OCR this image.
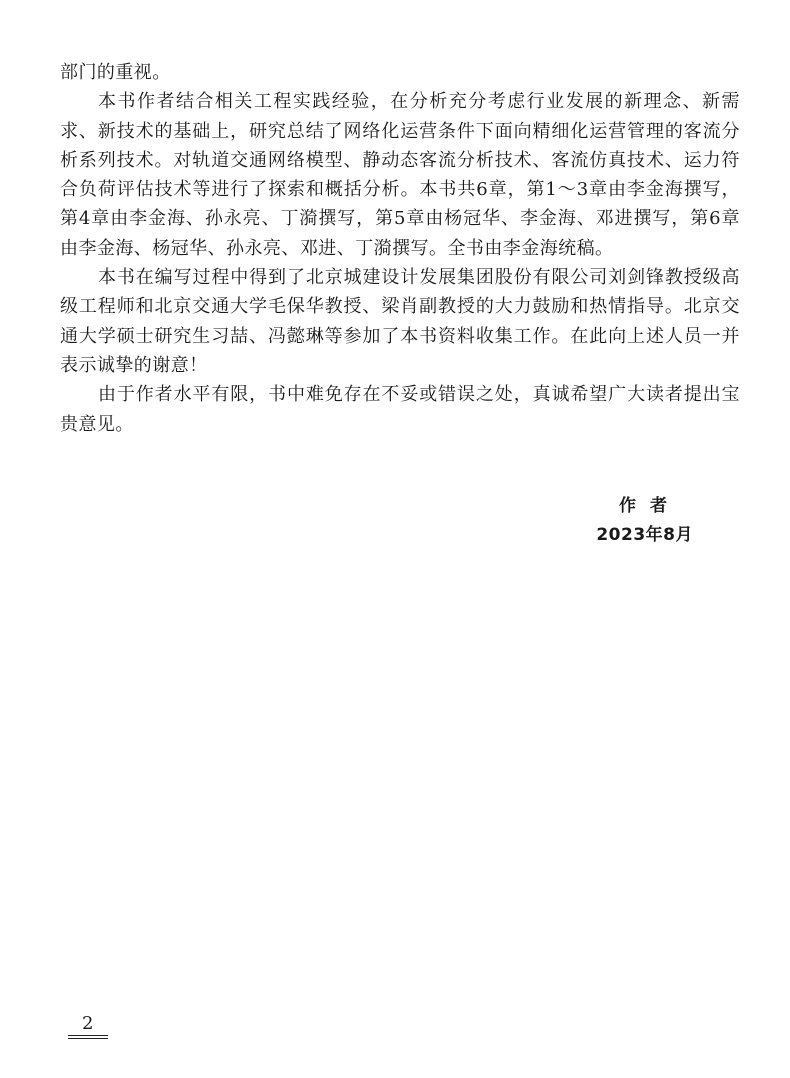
部门的重视。

本书作者结合相关工程实践经验，在分析充分考虑行业发展的新理念、新需求、新技术的基础上，研究总结了网络化运营条件下面向精细化运营管理的客流分析系列技术。对轨道交通网络模型、静动态客流分析技术、客流仿真技术、运力符合负荷评估技术等进行了探索和概括分析。本书共6章，第1～3章由李金海撰写，第4章由李金海、孙永亮、丁漪撰写，第5章由杨冠华、李金海、邓进撰写，第6章由李金海、杨冠华、孙永亮、邓进、丁漪撰写。全书由李金海统稿。

本书在编写过程中得到了北京城建设计发展集团股份有限公司刘剑锋教授级高级工程师和北京交通大学毛保华教授、梁肖副教授的大力鼓励和热情指导。北京交通大学硕士研究生习喆、冯懿琳等参加了本书资料收集工作。在此向上述人员一并表示诚挚的谢意！

由于作者水平有限，书中难免存在不妥或错误之处，真诚希望广大读者提出宝贵意见。

作者
2023年8月
2
